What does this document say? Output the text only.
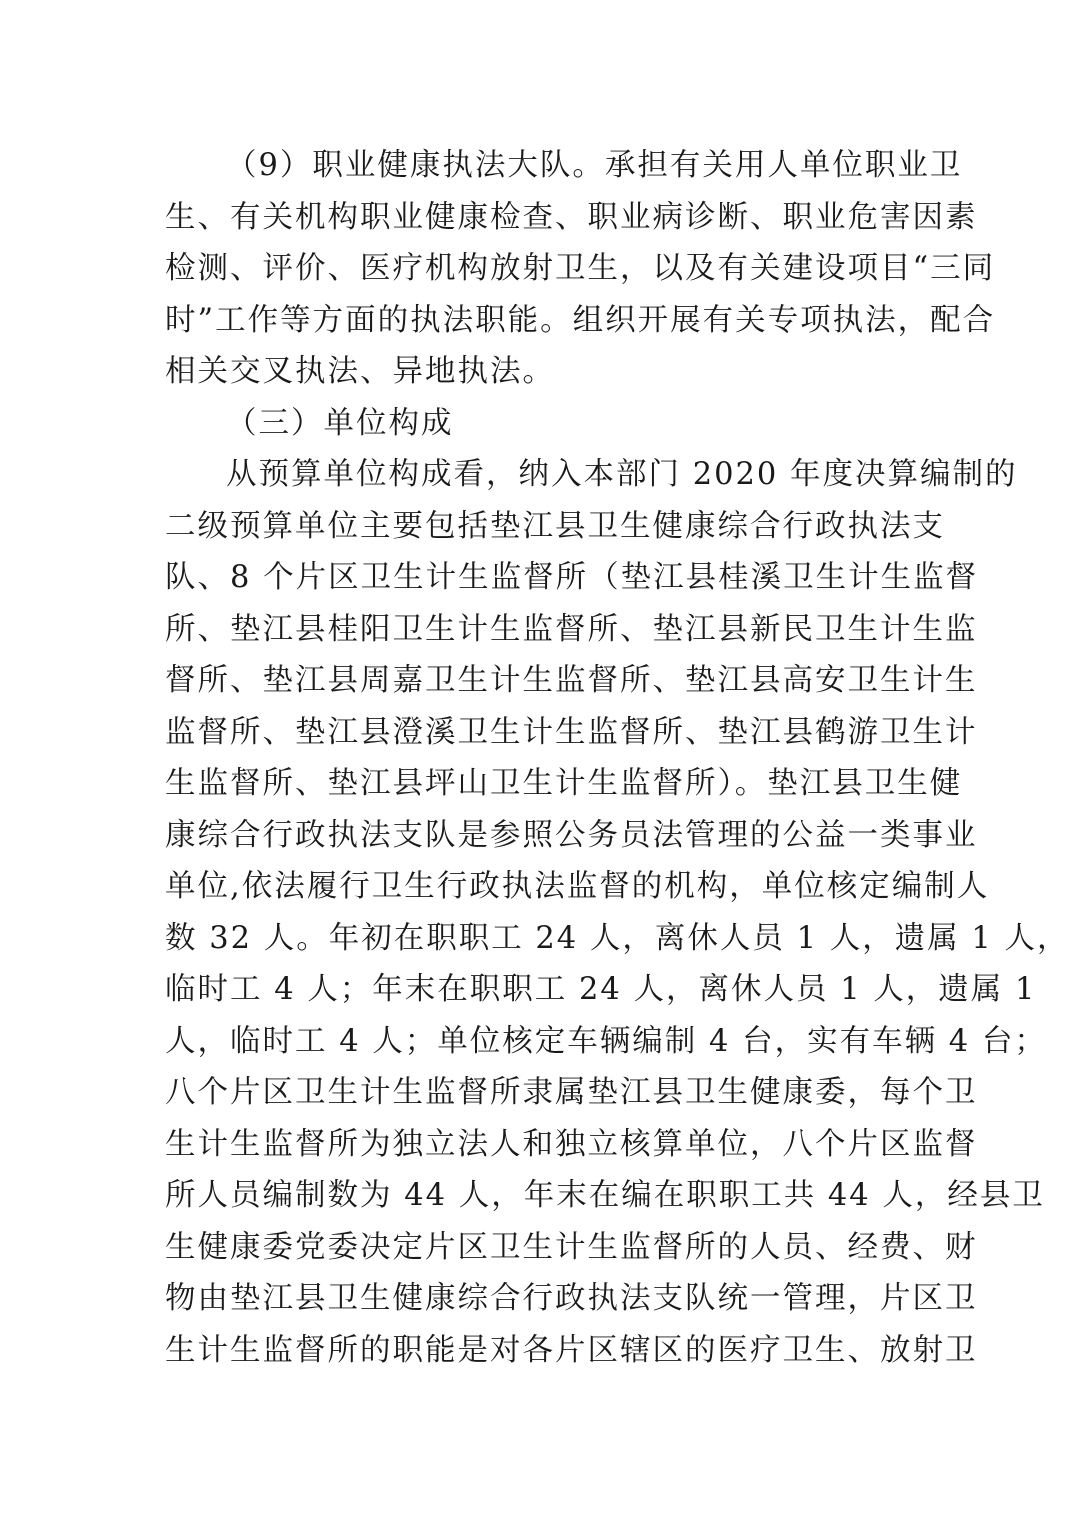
（9）职业健康执法大队。承担有关用人单位职业卫
生、有关机构职业健康检查、职业病诊断、职业危害因素
检测、评价、医疗机构放射卫生，以及有关建设项目“三同
时”工作等方面的执法职能。组织开展有关专项执法，配合
相关交叉执法、异地执法。
（三）单位构成
从预算单位构成看，纳入本部门 2020 年度决算编制的
二级预算单位主要包括垫江县卫生健康综合行政执法支
队、8 个片区卫生计生监督所（垫江县桂溪卫生计生监督
所、垫江县桂阳卫生计生监督所、垫江县新民卫生计生监
督所、垫江县周嘉卫生计生监督所、垫江县高安卫生计生
监督所、垫江县澄溪卫生计生监督所、垫江县鹤游卫生计
生监督所、垫江县坪山卫生计生监督所）。垫江县卫生健
康综合行政执法支队是参照公务员法管理的公益一类事业
单位,依法履行卫生行政执法监督的机构，单位核定编制人
数 32 人。年初在职职工 24 人，离休人员 1 人，遗属 1 人，
临时工 4 人；年末在职职工 24 人，离休人员 1 人，遗属 1
人，临时工 4 人；单位核定车辆编制 4 台，实有车辆 4 台；
八个片区卫生计生监督所隶属垫江县卫生健康委，每个卫
生计生监督所为独立法人和独立核算单位，八个片区监督
所人员编制数为 44 人，年末在编在职职工共 44 人，经县卫
生健康委党委决定片区卫生计生监督所的人员、经费、财
物由垫江县卫生健康综合行政执法支队统一管理，片区卫
生计生监督所的职能是对各片区辖区的医疗卫生、放射卫
